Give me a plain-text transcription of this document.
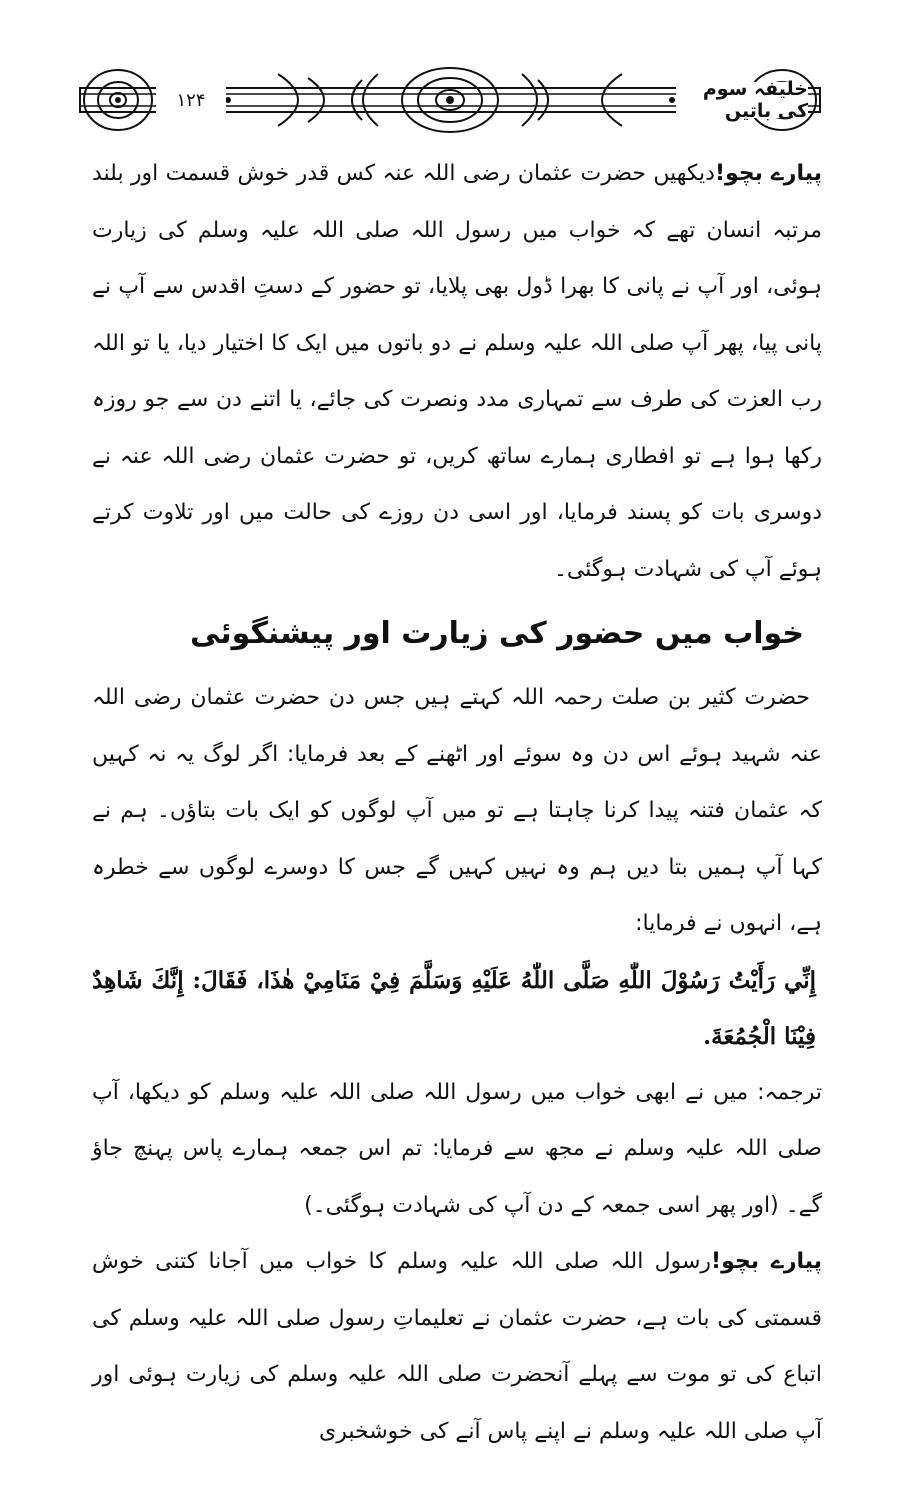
۱۲۴	خلیفہ سوم کی باتیں

پیارے بچو!دیکھیں حضرت عثمان رضی اللہ عنہ کس قدر خوش قسمت اور بلند مرتبہ انسان تھے کہ خواب میں رسول اللہ صلی اللہ علیہ وسلم کی زیارت ہوئی، اور آپ نے پانی کا بھرا ڈول بھی پلایا، تو حضور کے دستِ اقدس سے آپ نے پانی پیا، پھر آپ صلی اللہ علیہ وسلم نے دو باتوں میں ایک کا اختیار دیا، یا تو اللہ رب العزت کی طرف سے تمہاری مدد ونصرت کی جائے، یا اتنے دن سے جو روزہ رکھا ہوا ہے تو افطاری ہمارے ساتھ کریں، تو حضرت عثمان رضی اللہ عنہ نے دوسری بات کو پسند فرمایا، اور اسی دن روزے کی حالت میں اور تلاوت کرتے ہوئے آپ کی شہادت ہوگئی۔

خواب میں حضور کی زیارت اور پیشنگوئی

حضرت کثیر بن صلت رحمہ اللہ کہتے ہیں جس دن حضرت عثمان رضی اللہ عنہ شہید ہوئے اس دن وہ سوئے اور اٹھنے کے بعد فرمایا: اگر لوگ یہ نہ کہیں کہ عثمان فتنہ پیدا کرنا چاہتا ہے تو میں آپ لوگوں کو ایک بات بتاؤں۔ ہم نے کہا آپ ہمیں بتا دیں ہم وہ نہیں کہیں گے جس کا دوسرے لوگوں سے خطرہ ہے، انہوں نے فرمایا:

إِنِّي رَأَيْتُ رَسُوْلَ اللّٰهِ صَلَّى اللّٰهُ عَلَيْهِ وَسَلَّمَ فِيْ مَنَامِيْ هٰذَا، فَقَالَ: إِنَّكَ شَاهِدٌ فِيْنَا الْجُمُعَةَ.

ترجمہ: میں نے ابھی خواب میں رسول اللہ صلی اللہ علیہ وسلم کو دیکھا، آپ صلی اللہ علیہ وسلم نے مجھ سے فرمایا: تم اس جمعہ ہمارے پاس پہنچ جاؤ گے۔ (اور پھر اسی جمعہ کے دن آپ کی شہادت ہوگئی۔)

پیارے بچو!رسول اللہ صلی اللہ علیہ وسلم کا خواب میں آجانا کتنی خوش قسمتی کی بات ہے، حضرت عثمان نے تعلیماتِ رسول صلی اللہ علیہ وسلم کی اتباع کی تو موت سے پہلے آنحضرت صلی اللہ علیہ وسلم کی زیارت ہوئی اور آپ صلی اللہ علیہ وسلم نے اپنے پاس آنے کی خوشخبری
